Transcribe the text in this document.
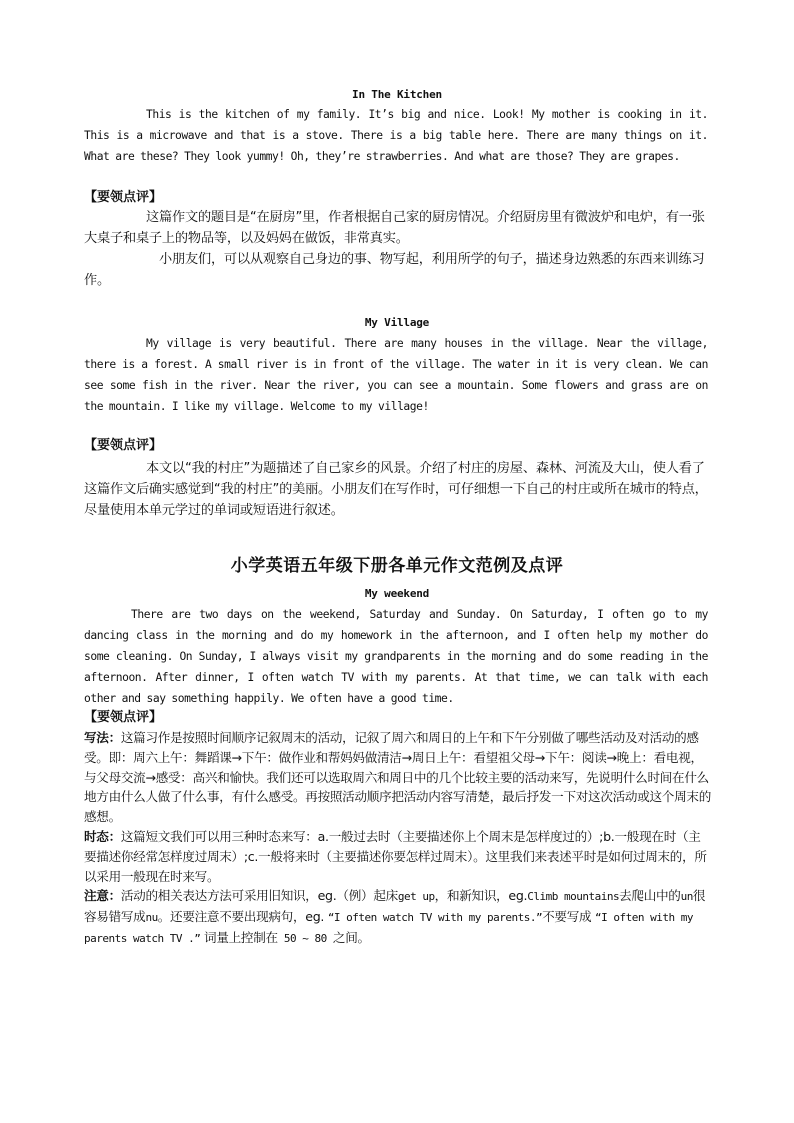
In The Kitchen

This is the kitchen of my family. It’s big and nice. Look! My mother is cooking in it. This is a microwave and that is a stove. There is a big table here. There are many things on it. What are these? They look yummy! Oh, they’re strawberries. And what are those? They are grapes.

【要领点评】

这篇作文的题目是“在厨房”里，作者根据自己家的厨房情况。介绍厨房里有微波炉和电炉，有一张大桌子和桌子上的物品等，以及妈妈在做饭，非常真实。

小朋友们，可以从观察自己身边的事、物写起，利用所学的句子，描述身边熟悉的东西来训练习作。

My Village

My village is very beautiful. There are many houses in the village. Near the village, there is a forest. A small river is in front of the village. The water in it is very clean. We can see some fish in the river. Near the river, you can see a mountain. Some flowers and grass are on the mountain. I like my village. Welcome to my village!

【要领点评】

本文以“我的村庄”为题描述了自己家乡的风景。介绍了村庄的房屋、森林、河流及大山，使人看了这篇作文后确实感觉到“我的村庄”的美丽。小朋友们在写作时，可仔细想一下自己的村庄或所在城市的特点，尽量使用本单元学过的单词或短语进行叙述。

小学英语五年级下册各单元作文范例及点评
My weekend

There are two days on the weekend, Saturday and Sunday. On Saturday, I often go to my dancing class in the morning and do my homework in the afternoon, and I often help my mother do some cleaning. On Sunday, I always visit my grandparents in the morning and do some reading in the afternoon. After dinner, I often watch TV with my parents. At that time, we can talk with each other and say something happily. We often have a good time.

【要领点评】

写法：这篇习作是按照时间顺序记叙周末的活动，记叙了周六和周日的上午和下午分别做了哪些活动及对活动的感受。即：周六上午：舞蹈课→下午：做作业和帮妈妈做清洁→周日上午：看望祖父母→下午：阅读→晚上：看电视，与父母交流→感受：高兴和愉快。我们还可以选取周六和周日中的几个比较主要的活动来写，先说明什么时间在什么地方由什么人做了什么事，有什么感受。再按照活动顺序把活动内容写清楚，最后抒发一下对这次活动或这个周末的感想。

时态：这篇短文我们可以用三种时态来写：a.一般过去时（主要描述你上个周末是怎样度过的）;b.一般现在时（主要描述你经常怎样度过周末）;c.一般将来时（主要描述你要怎样过周末）。这里我们来表述平时是如何过周末的，所以采用一般现在时来写。

注意：活动的相关表达方法可采用旧知识，eg.（例）起床get up，和新知识，eg.Climb mountains去爬山中的un很容易错写成nu。还要注意不要出现病句，eg. “I often watch TV with my parents.”不要写成 “I often with my parents watch TV .” 词量上控制在 50 ~ 80 之间。
